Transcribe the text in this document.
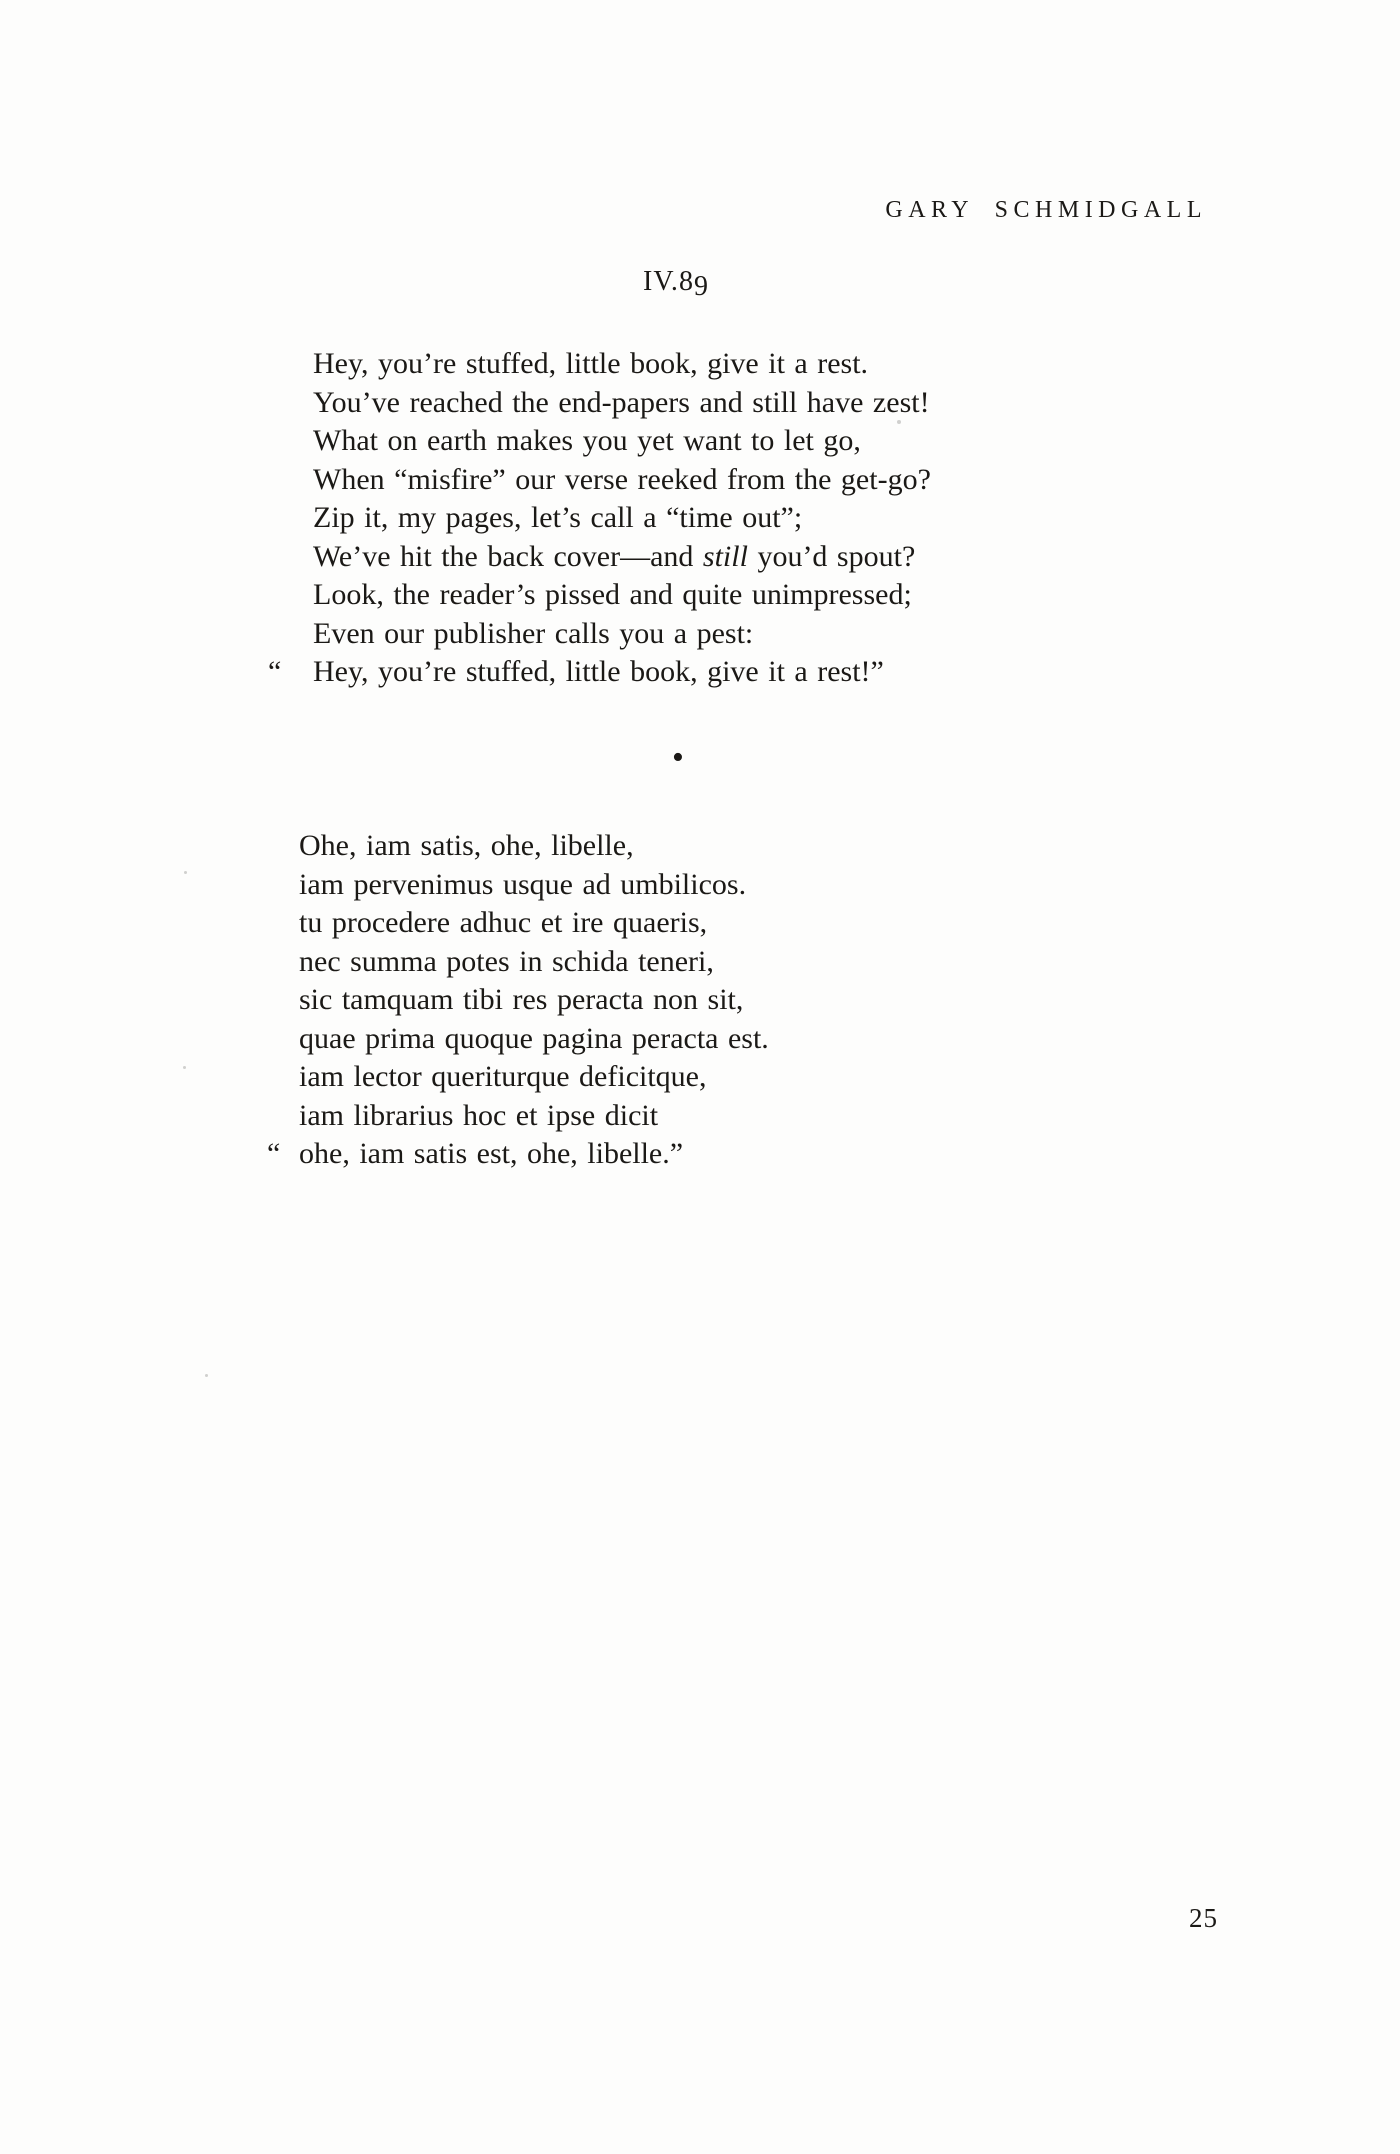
GARY SCHMIDGALL
IV.89
Hey, you’re stuffed, little book, give it a rest.
You’ve reached the end-papers and still have zest!
What on earth makes you yet want to let go,
When “misfire” our verse reeked from the get-go?
Zip it, my pages, let’s call a “time out”;
We’ve hit the back cover—and still you’d spout?
Look, the reader’s pissed and quite unimpressed;
Even our publisher calls you a pest:
“ Hey, you’re stuffed, little book, give it a rest!”
•
Ohe, iam satis, ohe, libelle,
iam pervenimus usque ad umbilicos.
tu procedere adhuc et ire quaeris,
nec summa potes in schida teneri,
sic tamquam tibi res peracta non sit,
quae prima quoque pagina peracta est.
iam lector queriturque deficitque,
iam librarius hoc et ipse dicit
“ ohe, iam satis est, ohe, libelle.”
25
